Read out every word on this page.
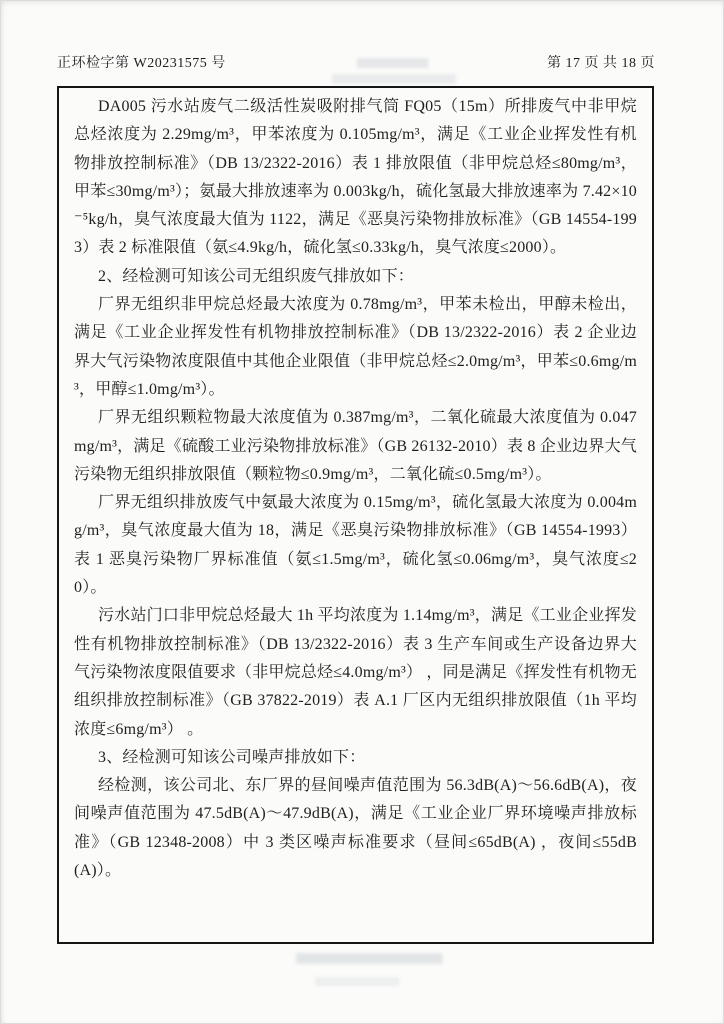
正环检字第 W20231575 号	第 17 页 共 18 页

DA005 污水站废气二级活性炭吸附排气筒 FQ05（15m）所排废气中非甲烷总烃浓度为 2.29mg/m³，甲苯浓度为 0.105mg/m³，满足《工业企业挥发性有机物排放控制标准》（DB 13/2322-2016）表 1 排放限值（非甲烷总烃≤80mg/m³，甲苯≤30mg/m³）；氨最大排放速率为 0.003kg/h，硫化氢最大排放速率为 7.42×10⁻⁵kg/h，臭气浓度最大值为 1122，满足《恶臭污染物排放标准》（GB 14554-1993）表 2 标准限值（氨≤4.9kg/h，硫化氢≤0.33kg/h，臭气浓度≤2000）。

2、经检测可知该公司无组织废气排放如下：

厂界无组织非甲烷总烃最大浓度为 0.78mg/m³，甲苯未检出，甲醇未检出，满足《工业企业挥发性有机物排放控制标准》（DB 13/2322-2016）表 2 企业边界大气污染物浓度限值中其他企业限值（非甲烷总烃≤2.0mg/m³，甲苯≤0.6mg/m³，甲醇≤1.0mg/m³）。

厂界无组织颗粒物最大浓度值为 0.387mg/m³，二氧化硫最大浓度值为 0.047mg/m³，满足《硫酸工业污染物排放标准》（GB 26132-2010）表 8 企业边界大气污染物无组织排放限值（颗粒物≤0.9mg/m³，二氧化硫≤0.5mg/m³）。

厂界无组织排放废气中氨最大浓度为 0.15mg/m³，硫化氢最大浓度为 0.004mg/m³，臭气浓度最大值为 18，满足《恶臭污染物排放标准》（GB 14554-1993）表 1 恶臭污染物厂界标准值（氨≤1.5mg/m³，硫化氢≤0.06mg/m³，臭气浓度≤20）。

污水站门口非甲烷总烃最大 1h 平均浓度为 1.14mg/m³，满足《工业企业挥发性有机物排放控制标准》（DB 13/2322-2016）表 3 生产车间或生产设备边界大气污染物浓度限值要求（非甲烷总烃≤4.0mg/m³） ，同是满足《挥发性有机物无组织排放控制标准》（GB 37822-2019）表 A.1 厂区内无组织排放限值（1h 平均浓度≤6mg/m³） 。

3、经检测可知该公司噪声排放如下：

经检测，该公司北、东厂界的昼间噪声值范围为 56.3dB(A)～56.6dB(A)，夜间噪声值范围为 47.5dB(A)～47.9dB(A)，满足《工业企业厂界环境噪声排放标准》（GB 12348-2008）中 3 类区噪声标准要求（昼间≤65dB(A) ，夜间≤55dB(A)）。
